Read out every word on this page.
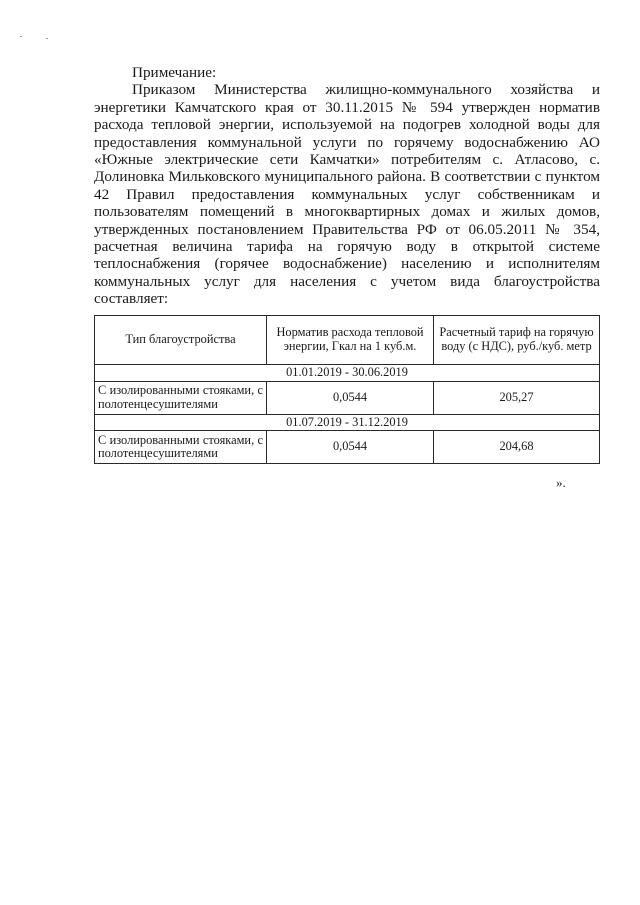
Примечание:
Приказом Министерства жилищно-коммунального хозяйства и энергетики Камчатского края от 30.11.2015 № 594 утвержден норматив расхода тепловой энергии, используемой на подогрев холодной воды для предоставления коммунальной услуги по горячему водоснабжению АО «Южные электрические сети Камчатки» потребителям с. Атласово, с. Долиновка Мильковского муниципального района. В соответствии с пунктом 42 Правил предоставления коммунальных услуг собственникам и пользователям помещений в многоквартирных домах и жилых домов, утвержденных постановлением Правительства РФ от 06.05.2011 № 354, расчетная величина тарифа на горячую воду в открытой системе теплоснабжения (горячее водоснабжение) населению и исполнителям коммунальных услуг для населения с учетом вида благоустройства составляет:
Тип благоустройства	Норматив расхода тепловой энергии, Гкал на 1 куб.м.	Расчетный тариф на горячую воду (с НДС), руб./куб. метр
01.01.2019 - 30.06.2019		
С изолированными стояками, с полотенцесушителями	0,0544	205,27
01.07.2019 - 31.12.2019		
С изолированными стояками, с полотенцесушителями	0,0544	204,68
».
